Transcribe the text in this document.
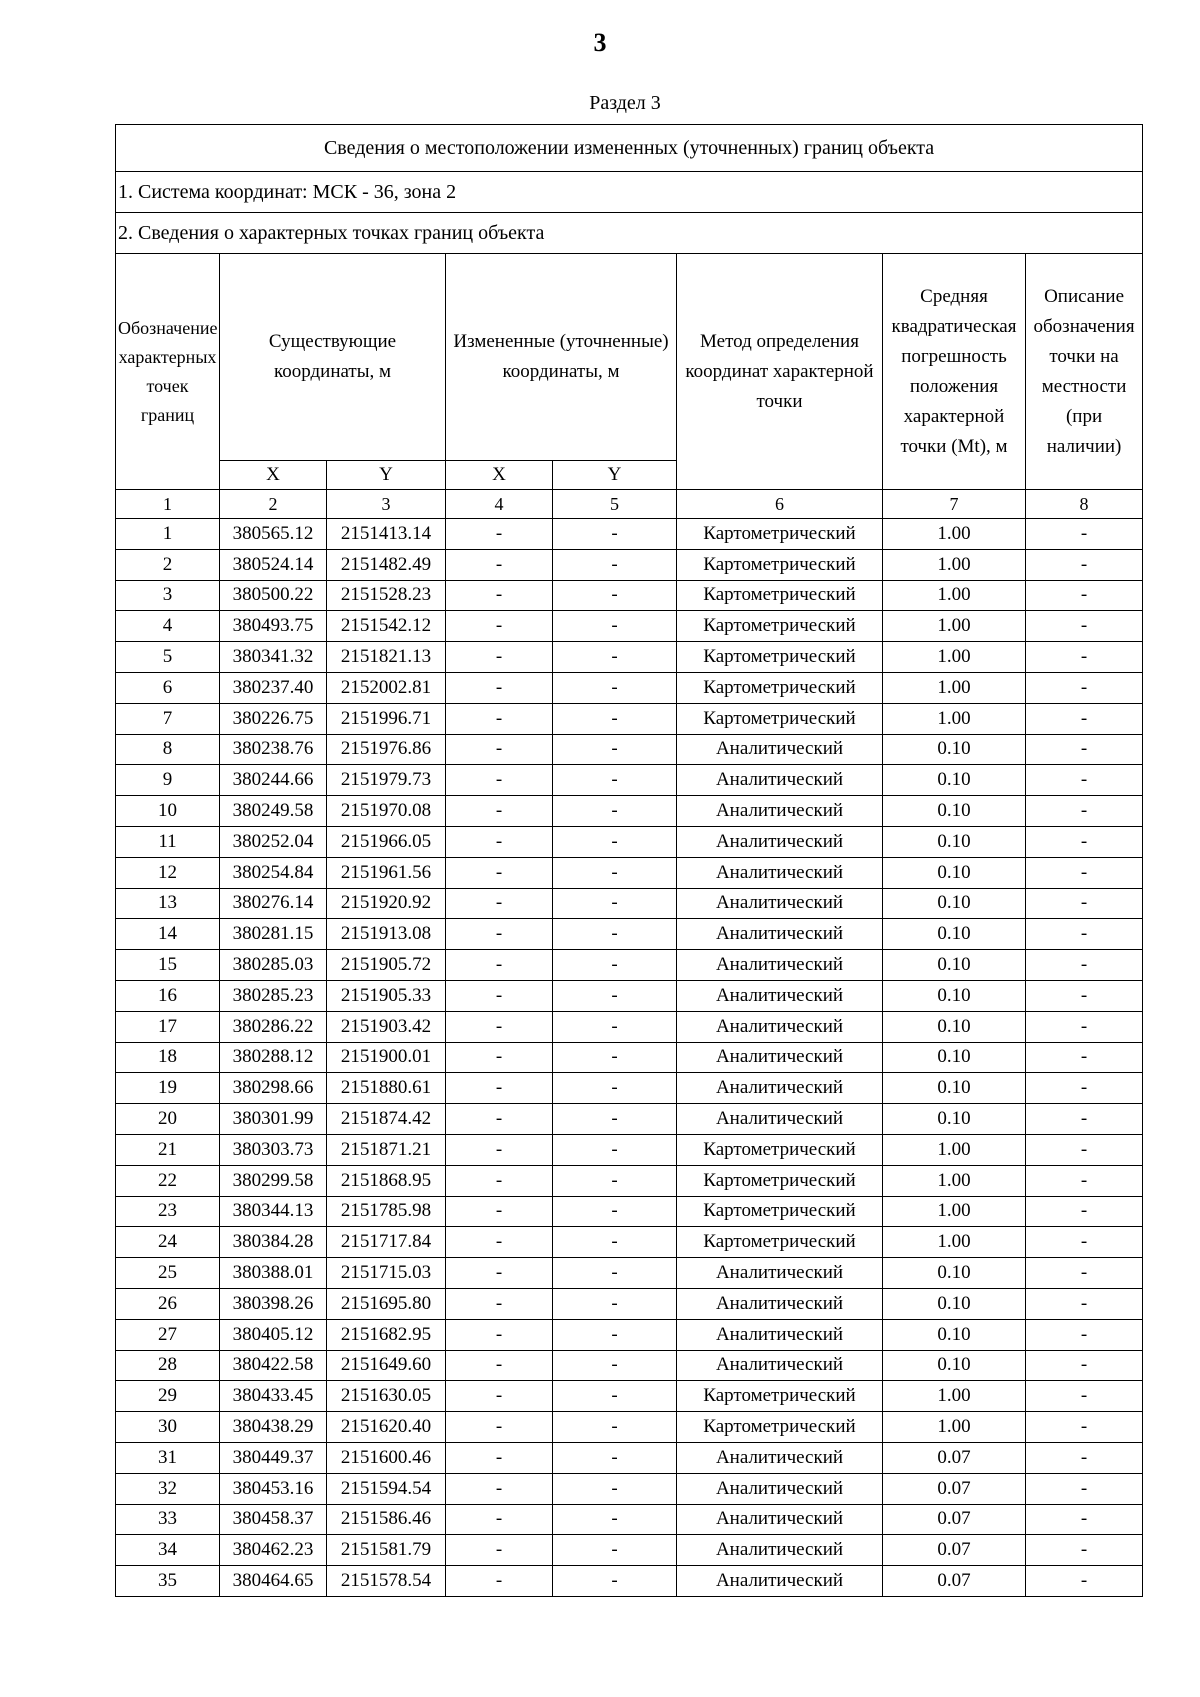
3
Раздел 3
Сведения о местоположении измененных (уточненных) границ объекта							
1. Система координат: МСК - 36, зона 2							
2. Сведения о характерных точках границ объекта							
Обозначение характерных точек границ	Существующие координаты, м		Измененные (уточненные) координаты, м		Метод определения координат характерной точки	Средняя квадратическая погрешность положения характерной точки (Mt), м	Описание обозначения точки на местности (при наличии)
	X	Y	X	Y			
1	2	3	4	5	6	7	8
1	380565.12	2151413.14	-	-	Картометрический	1.00	-
2	380524.14	2151482.49	-	-	Картометрический	1.00	-
3	380500.22	2151528.23	-	-	Картометрический	1.00	-
4	380493.75	2151542.12	-	-	Картометрический	1.00	-
5	380341.32	2151821.13	-	-	Картометрический	1.00	-
6	380237.40	2152002.81	-	-	Картометрический	1.00	-
7	380226.75	2151996.71	-	-	Картометрический	1.00	-
8	380238.76	2151976.86	-	-	Аналитический	0.10	-
9	380244.66	2151979.73	-	-	Аналитический	0.10	-
10	380249.58	2151970.08	-	-	Аналитический	0.10	-
11	380252.04	2151966.05	-	-	Аналитический	0.10	-
12	380254.84	2151961.56	-	-	Аналитический	0.10	-
13	380276.14	2151920.92	-	-	Аналитический	0.10	-
14	380281.15	2151913.08	-	-	Аналитический	0.10	-
15	380285.03	2151905.72	-	-	Аналитический	0.10	-
16	380285.23	2151905.33	-	-	Аналитический	0.10	-
17	380286.22	2151903.42	-	-	Аналитический	0.10	-
18	380288.12	2151900.01	-	-	Аналитический	0.10	-
19	380298.66	2151880.61	-	-	Аналитический	0.10	-
20	380301.99	2151874.42	-	-	Аналитический	0.10	-
21	380303.73	2151871.21	-	-	Картометрический	1.00	-
22	380299.58	2151868.95	-	-	Картометрический	1.00	-
23	380344.13	2151785.98	-	-	Картометрический	1.00	-
24	380384.28	2151717.84	-	-	Картометрический	1.00	-
25	380388.01	2151715.03	-	-	Аналитический	0.10	-
26	380398.26	2151695.80	-	-	Аналитический	0.10	-
27	380405.12	2151682.95	-	-	Аналитический	0.10	-
28	380422.58	2151649.60	-	-	Аналитический	0.10	-
29	380433.45	2151630.05	-	-	Картометрический	1.00	-
30	380438.29	2151620.40	-	-	Картометрический	1.00	-
31	380449.37	2151600.46	-	-	Аналитический	0.07	-
32	380453.16	2151594.54	-	-	Аналитический	0.07	-
33	380458.37	2151586.46	-	-	Аналитический	0.07	-
34	380462.23	2151581.79	-	-	Аналитический	0.07	-
35	380464.65	2151578.54	-	-	Аналитический	0.07	-
